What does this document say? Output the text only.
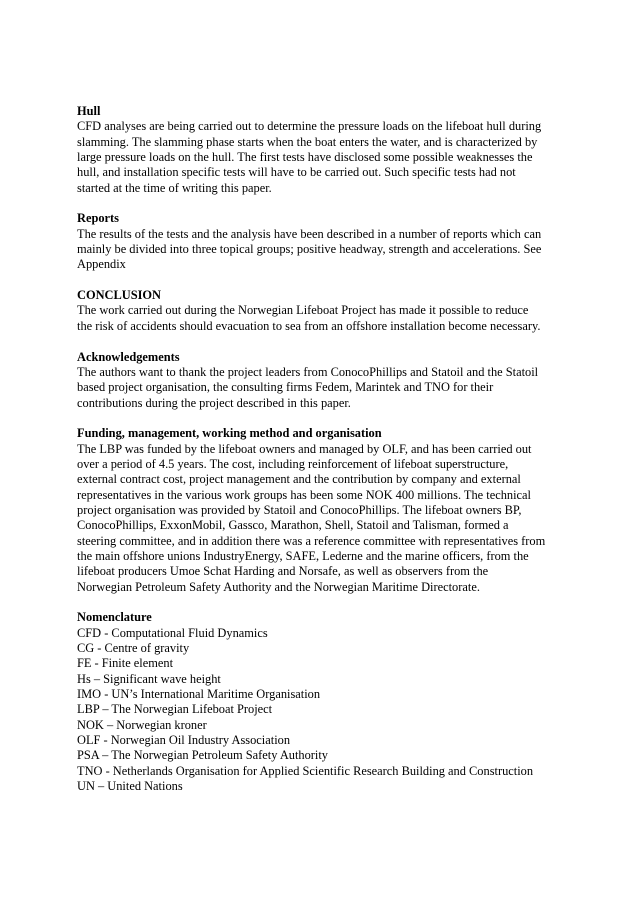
Hull
CFD analyses are being carried out to determine the pressure loads on the lifeboat hull during
slamming. The slamming phase starts when the boat enters the water, and is characterized by
large pressure loads on the hull. The first tests have disclosed some possible weaknesses the
hull, and installation specific tests will have to be carried out. Such specific tests had not
started at the time of writing this paper.
Reports
The results of the tests and the analysis have been described in a number of reports which can
mainly be divided into three topical groups; positive headway, strength and accelerations. See
Appendix
CONCLUSION
The work carried out during the Norwegian Lifeboat Project has made it possible to reduce
the risk of accidents should evacuation to sea from an offshore installation become necessary.
Acknowledgements
The authors want to thank the project leaders from ConocoPhillips and Statoil and the Statoil
based project organisation, the consulting firms Fedem, Marintek and TNO for their
contributions during the project described in this paper.
Funding, management, working method and organisation
The LBP was funded by the lifeboat owners and managed by OLF, and has been carried out
over a period of 4.5 years. The cost, including reinforcement of lifeboat superstructure,
external contract cost, project management and the contribution by company and external
representatives in the various work groups has been some NOK 400 millions. The technical
project organisation was provided by Statoil and ConocoPhillips. The lifeboat owners BP,
ConocoPhillips, ExxonMobil, Gassco, Marathon, Shell, Statoil and Talisman, formed a
steering committee, and in addition there was a reference committee with representatives from
the main offshore unions IndustryEnergy, SAFE, Lederne and the marine officers, from the
lifeboat producers Umoe Schat Harding and Norsafe, as well as observers from the
Norwegian Petroleum Safety Authority and the Norwegian Maritime Directorate.
Nomenclature
CFD - Computational Fluid Dynamics
CG - Centre of gravity
FE - Finite element
Hs – Significant wave height
IMO - UN’s International Maritime Organisation
LBP – The Norwegian Lifeboat Project
NOK – Norwegian kroner
OLF - Norwegian Oil Industry Association
PSA – The Norwegian Petroleum Safety Authority
TNO - Netherlands Organisation for Applied Scientific Research Building and Construction
UN – United Nations
